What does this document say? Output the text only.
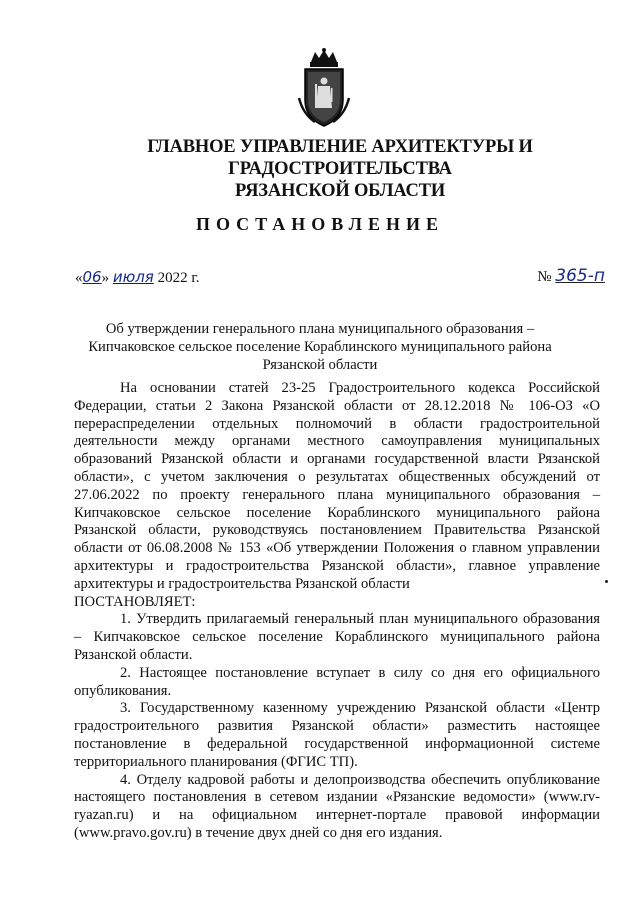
ГЛАВНОЕ УПРАВЛЕНИЕ АРХИТЕКТУРЫ И ГРАДОСТРОИТЕЛЬСТВА
РЯЗАНСКОЙ ОБЛАСТИ
ПОСТАНОВЛЕНИЕ
«06» июля 2022 г.	№ 365-п
Об утверждении генерального плана муниципального образования –
Кипчаковское сельское поселение Кораблинского муниципального района
Рязанской области

На основании статей 23-25 Градостроительного кодекса Российской Федерации, статьи 2 Закона Рязанской области от 28.12.2018 № 106-ОЗ «О перераспределении отдельных полномочий в области градостроительной деятельности между органами местного самоуправления муниципальных образований Рязанской области и органами государственной власти Рязанской области», с учетом заключения о результатах общественных обсуждений от 27.06.2022 по проекту генерального плана муниципального образования – Кипчаковское сельское поселение Кораблинского муниципального района Рязанской области, руководствуясь постановлением Правительства Рязанской области от 06.08.2008 № 153 «Об утверждении Положения о главном управлении архитектуры и градостроительства Рязанской области», главное управление архитектуры и градостроительства Рязанской области

ПОСТАНОВЛЯЕТ:

1. Утвердить прилагаемый генеральный план муниципального образования – Кипчаковское сельское поселение Кораблинского муниципального района Рязанской области.

2. Настоящее постановление вступает в силу со дня его официального опубликования.

3. Государственному казенному учреждению Рязанской области «Центр градостроительного развития Рязанской области» разместить настоящее постановление в федеральной государственной информационной системе территориального планирования (ФГИС ТП).

4. Отделу кадровой работы и делопроизводства обеспечить опубликование настоящего постановления в сетевом издании «Рязанские ведомости» (www.rv-ryazan.ru) и на официальном интернет-портале правовой информации (www.pravo.gov.ru) в течение двух дней со дня его издания.
